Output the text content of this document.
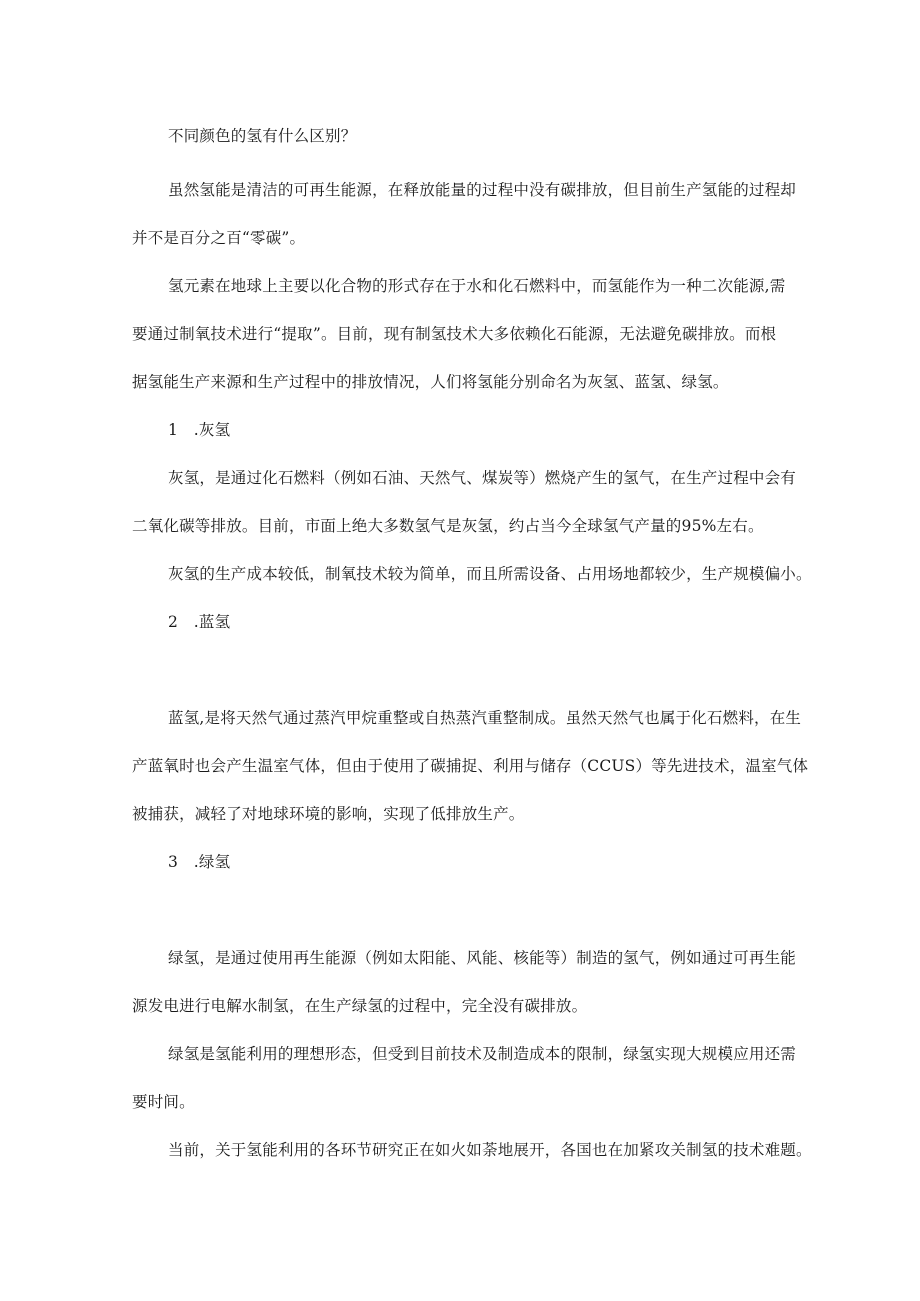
不同颜色的氢有什么区别？
虽然氢能是清洁的可再生能源，在释放能量的过程中没有碳排放，但目前生产氢能的过程却
并不是百分之百“零碳”。
氢元素在地球上主要以化合物的形式存在于水和化石燃料中，而氢能作为一种二次能源,需
要通过制氧技术进行“提取”。目前，现有制氢技术大多依赖化石能源，无法避免碳排放。而根
据氢能生产来源和生产过程中的排放情况，人们将氢能分别命名为灰氢、蓝氢、绿氢。
1　.灰氢
灰氢，是通过化石燃料（例如石油、天然气、煤炭等）燃烧产生的氢气，在生产过程中会有
二氧化碳等排放。目前，市面上绝大多数氢气是灰氢，约占当今全球氢气产量的95%左右。
灰氢的生产成本较低，制氧技术较为简单，而且所需设备、占用场地都较少，生产规模偏小。
2　.蓝氢
蓝氢,是将天然气通过蒸汽甲烷重整或自热蒸汽重整制成。虽然天然气也属于化石燃料，在生
产蓝氧时也会产生温室气体，但由于使用了碳捕捉、利用与储存（CCUS）等先进技术，温室气体
被捕获，减轻了对地球环境的影响，实现了低排放生产。
3　.绿氢
绿氢，是通过使用再生能源（例如太阳能、风能、核能等）制造的氢气，例如通过可再生能
源发电进行电解水制氢，在生产绿氢的过程中，完全没有碳排放。
绿氢是氢能利用的理想形态，但受到目前技术及制造成本的限制，绿氢实现大规模应用还需
要时间。
当前，关于氢能利用的各环节研究正在如火如荼地展开，各国也在加紧攻关制氢的技术难题。
